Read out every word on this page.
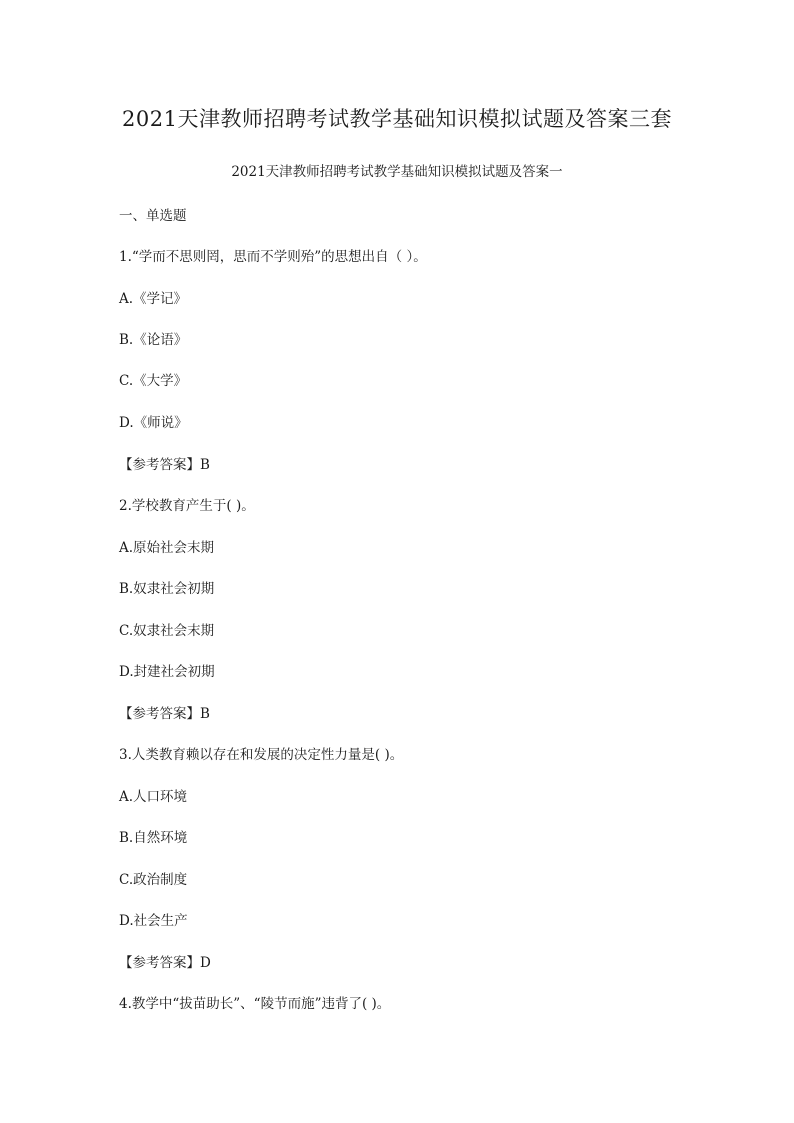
2021天津教师招聘考试教学基础知识模拟试题及答案三套
2021天津教师招聘考试教学基础知识模拟试题及答案一

一、单选题

1.“学而不思则罔，思而不学则殆”的思想出自（ ）。

A.《学记》

B.《论语》

C.《大学》

D.《师说》

【参考答案】B

2.学校教育产生于( )。

A.原始社会末期

B.奴隶社会初期

C.奴隶社会末期

D.封建社会初期

【参考答案】B

3.人类教育赖以存在和发展的决定性力量是( )。

A.人口环境

B.自然环境

C.政治制度

D.社会生产

【参考答案】D

4.教学中“拔苗助长”、“陵节而施”违背了( )。
